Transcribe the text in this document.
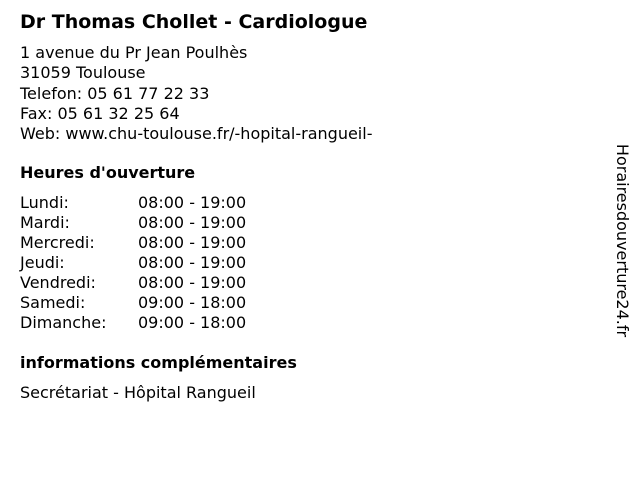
Dr Thomas Chollet - Cardiologue
1 avenue du Pr Jean Poulhès
31059 Toulouse
Telefon: 05 61 77 22 33
Fax: 05 61 32 25 64
Web: www.chu-toulouse.fr/-hopital-rangueil-
Heures d'ouverture
Lundi:	08:00 - 19:00
Mardi:	08:00 - 19:00
Mercredi:	08:00 - 19:00
Jeudi:	08:00 - 19:00
Vendredi:	08:00 - 19:00
Samedi:	09:00 - 18:00
Dimanche: 09:00 - 18:00
informations complémentaires
Secrétariat - Hôpital Rangueil
Horairesdouverture24.fr
